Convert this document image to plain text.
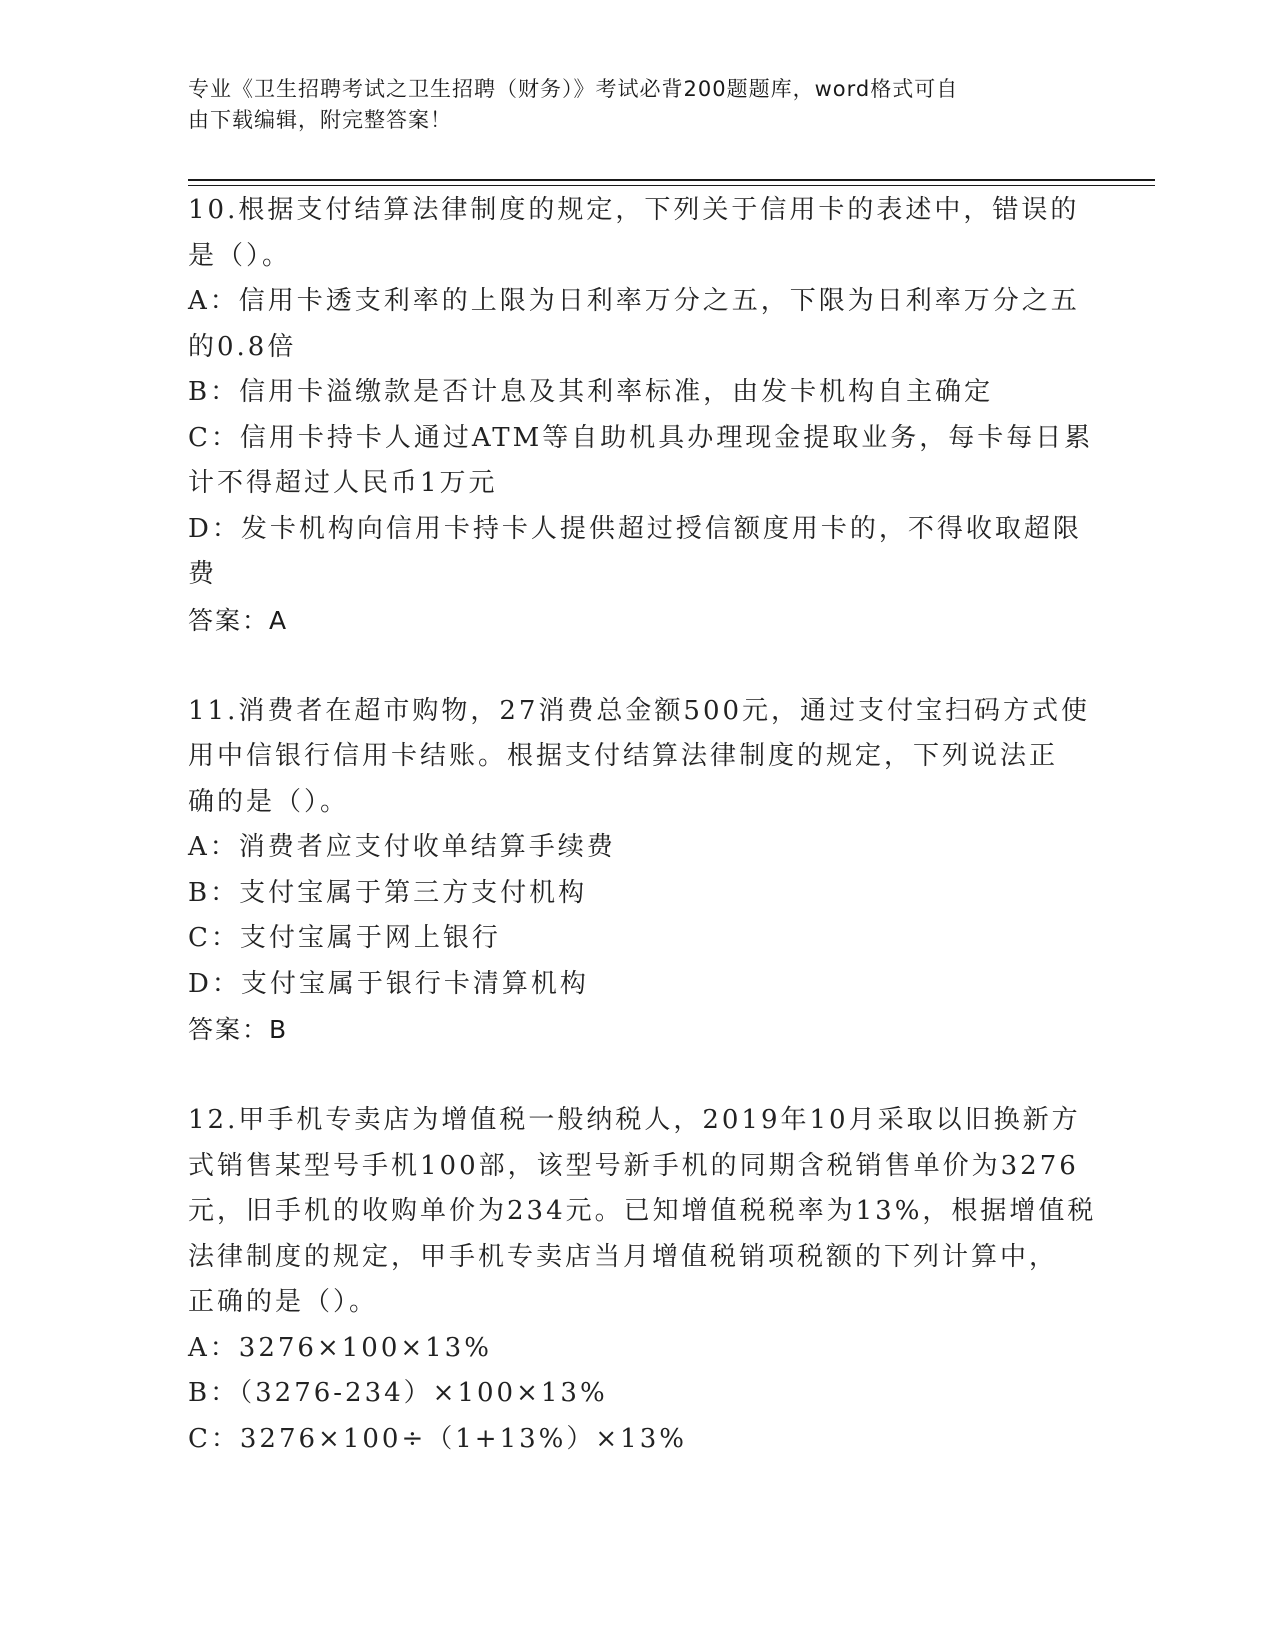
专业《卫生招聘考试之卫生招聘（财务）》考试必背200题题库，word格式可自
由下载编辑，附完整答案！
10.根据支付结算法律制度的规定，下列关于信用卡的表述中，错误的
是（）。
A：信用卡透支利率的上限为日利率万分之五，下限为日利率万分之五
的0.8倍
B：信用卡溢缴款是否计息及其利率标准，由发卡机构自主确定
C：信用卡持卡人通过ATM等自助机具办理现金提取业务，每卡每日累
计不得超过人民币1万元
D：发卡机构向信用卡持卡人提供超过授信额度用卡的，不得收取超限
费
答案：A
11.消费者在超市购物，27消费总金额500元，通过支付宝扫码方式使
用中信银行信用卡结账。根据支付结算法律制度的规定，下列说法正
确的是（）。
A：消费者应支付收单结算手续费
B：支付宝属于第三方支付机构
C：支付宝属于网上银行
D：支付宝属于银行卡清算机构
答案：B
12.甲手机专卖店为增值税一般纳税人，2019年10月采取以旧换新方
式销售某型号手机100部，该型号新手机的同期含税销售单价为3276
元，旧手机的收购单价为234元。已知增值税税率为13%，根据增值税
法律制度的规定，甲手机专卖店当月增值税销项税额的下列计算中，
正确的是（）。
A：3276×100×13%
B：（3276-234）×100×13%
C：3276×100÷（1+13%）×13%
